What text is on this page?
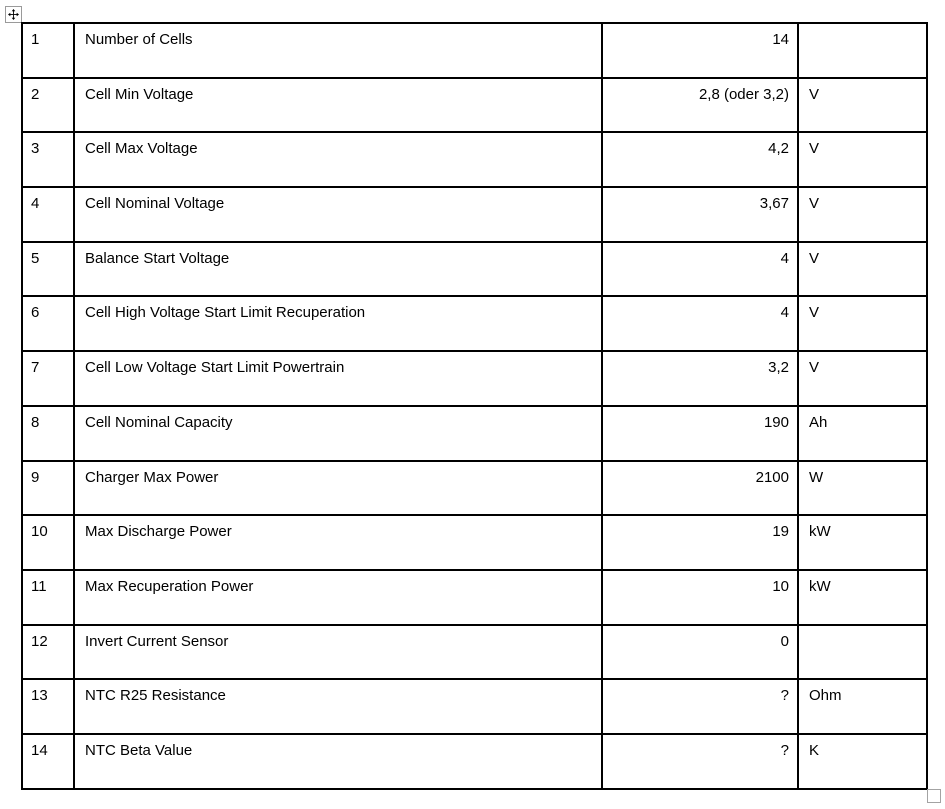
1	Number of Cells	14	
2	Cell Min Voltage	2,8 (oder 3,2)	V
3	Cell Max Voltage	4,2	V
4	Cell Nominal Voltage	3,67	V
5	Balance Start Voltage	4	V
6	Cell High Voltage Start Limit Recuperation	4	V
7	Cell Low Voltage Start Limit Powertrain	3,2	V
8	Cell Nominal Capacity	190	Ah
9	Charger Max Power	2100	W
10	Max Discharge Power	19	kW
11	Max Recuperation Power	10	kW
12	Invert Current Sensor	0	
13	NTC R25 Resistance	?	Ohm
14	NTC Beta Value	?	K
